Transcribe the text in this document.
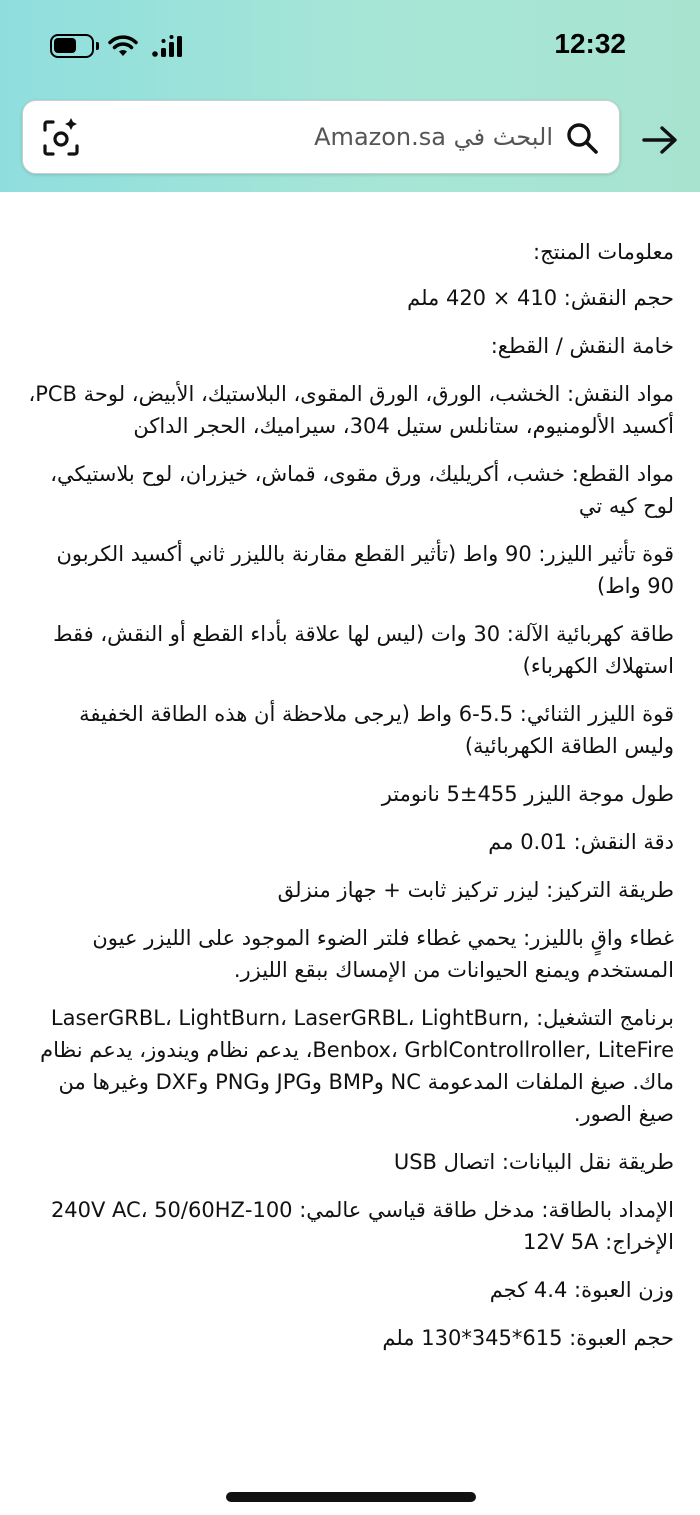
12:32
البحث في Amazon.sa

معلومات المنتج:

حجم النقش: 410 × 420 ملم

خامة النقش / القطع:

مواد النقش: الخشب، الورق، الورق المقوى، البلاستيك، الأبيض، لوحة PCB، أكسيد الألومنيوم، ستانلس ستيل 304، سيراميك، الحجر الداكن

مواد القطع: خشب، أكريليك، ورق مقوى، قماش، خيزران، لوح بلاستيكي، لوح كيه تي

قوة تأثير الليزر: 90 واط (تأثير القطع مقارنة بالليزر ثاني أكسيد الكربون 90 واط)

طاقة كهربائية الآلة: 30 وات (ليس لها علاقة بأداء القطع أو النقش، فقط استهلاك الكهرباء)

قوة الليزر الثنائي: 5.5-6 واط (يرجى ملاحظة أن هذه الطاقة الخفيفة وليس الطاقة الكهربائية)

طول موجة الليزر 455±5 نانومتر

دقة النقش: 0.01 مم

طريقة التركيز: ليزر تركيز ثابت + جهاز منزلق

غطاء واقٍ بالليزر: يحمي غطاء فلتر الضوء الموجود على الليزر عيون المستخدم ويمنع الحيوانات من الإمساك ببقع الليزر.

برنامج التشغيل: LaserGRBL، LightBurn، LaserGRBL، LightBurn, Benbox، GrblControllroller, LiteFire، يدعم نظام ويندوز، يدعم نظام ماك. صيغ الملفات المدعومة NC وBMP وJPG وPNG وDXF وغيرها من صيغ الصور.

طريقة نقل البيانات: اتصال USB

الإمداد بالطاقة: مدخل طاقة قياسي عالمي: 100-240V AC، 50/60HZ الإخراج: 12V 5A

وزن العبوة: 4.4 كجم

حجم العبوة: 615*345*130 ملم
